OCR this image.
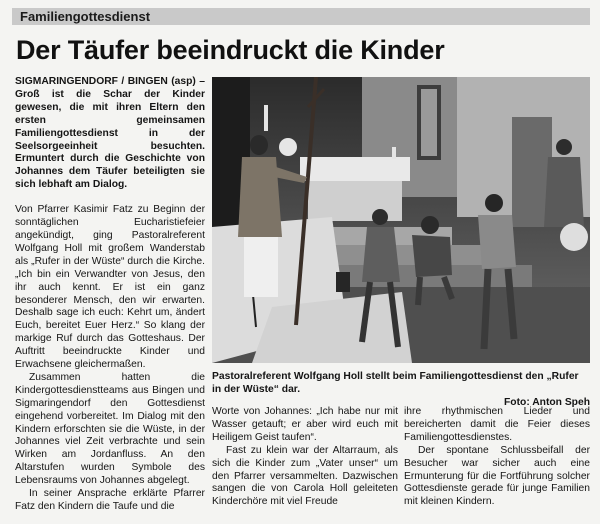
Familiengottesdienst
Der Täufer beeindruckt die Kinder

SIGMARINGENDORF / BINGEN (asp) – Groß ist die Schar der Kinder gewesen, die mit ihren Eltern den ersten gemeinsamen Familiengottesdienst in der Seelsorgeeinheit besuchten. Ermuntert durch die Geschichte von Johannes dem Täufer beteiligten sie sich lebhaft am Dialog.

Von Pfarrer Kasimir Fatz zu Beginn der sonntäglichen Eucharistiefeier angekündigt, ging Pastoralreferent Wolfgang Holl mit großem Wanderstab als „Rufer in der Wüste“ durch die Kirche. „Ich bin ein Verwandter von Jesus, den ihr auch kennt. Er ist ein ganz besonderer Mensch, den wir erwarten. Deshalb sage ich euch: Kehrt um, ändert Euch, bereitet Euer Herz.“ So klang der markige Ruf durch das Gotteshaus. Der Auftritt beeindruckte Kinder und Erwachsene gleichermaßen.

Zusammen hatten die Kindergottesdienstteams aus Bingen und Sigmaringendorf den Gottesdienst eingehend vorbereitet. Im Dialog mit den Kindern erforschten sie die Wüste, in der Johannes viel Zeit verbrachte und sein Wirken am Jordanfluss. An den Altarstufen wurden Symbole des Lebensraums von Johannes abgelegt.

In seiner Ansprache erklärte Pfarrer Fatz den Kindern die Taufe und die

Pastoralreferent Wolfgang Holl stellt beim Familiengottesdienst den „Rufer in der Wüste“ dar.

Foto: Anton Speh

Worte von Johannes: „Ich habe nur mit Wasser getauft; er aber wird euch mit Heiligem Geist taufen“.

Fast zu klein war der Altarraum, als sich die Kinder zum „Vater unser“ um den Pfarrer versammelten. Dazwischen sangen die von Carola Holl geleiteten Kinderchöre mit viel Freude

ihre rhythmischen Lieder und bereicherten damit die Feier dieses Familiengottesdienstes.

Der spontane Schlussbeifall der Besucher war sicher auch eine Ermunterung für die Fortführung solcher Gottesdienste gerade für junge Familien mit kleinen Kindern.
